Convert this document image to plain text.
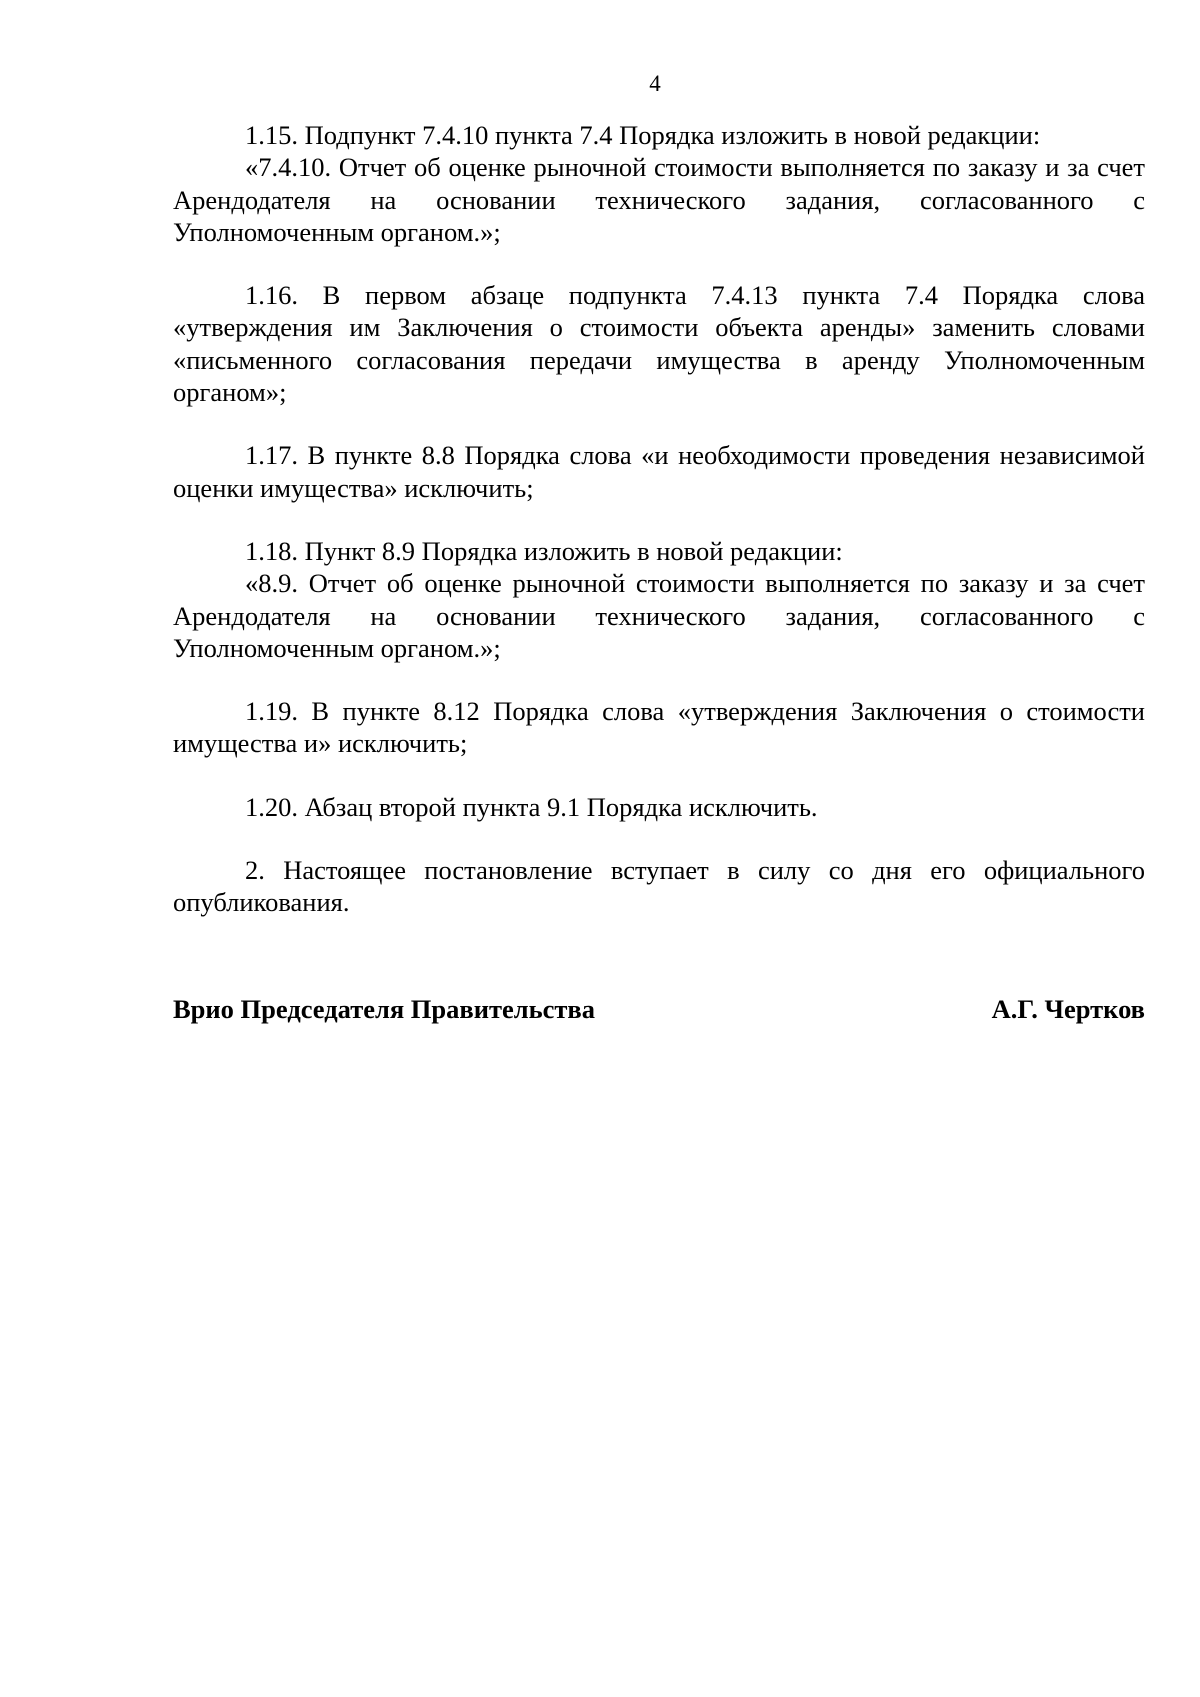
4

1.15. Подпункт 7.4.10 пункта 7.4 Порядка изложить в новой редакции:

«7.4.10. Отчет об оценке рыночной стоимости выполняется по заказу и за счет Арендодателя на основании технического задания, согласованного с Уполномоченным органом.»;

1.16. В первом абзаце подпункта 7.4.13 пункта 7.4 Порядка слова «утверждения им Заключения о стоимости объекта аренды» заменить словами «письменного согласования передачи имущества в аренду Уполномоченным органом»;

1.17. В пункте 8.8 Порядка слова «и необходимости проведения независимой оценки имущества» исключить;

1.18. Пункт 8.9 Порядка изложить в новой редакции:

«8.9. Отчет об оценке рыночной стоимости выполняется по заказу и за счет Арендодателя на основании технического задания, согласованного с Уполномоченным органом.»;

1.19. В пункте 8.12 Порядка слова «утверждения Заключения о стоимости имущества и» исключить;

1.20. Абзац второй пункта 9.1 Порядка исключить.

2. Настоящее постановление вступает в силу со дня его официального опубликования.

Врио Председателя Правительства	А.Г. Чертков
